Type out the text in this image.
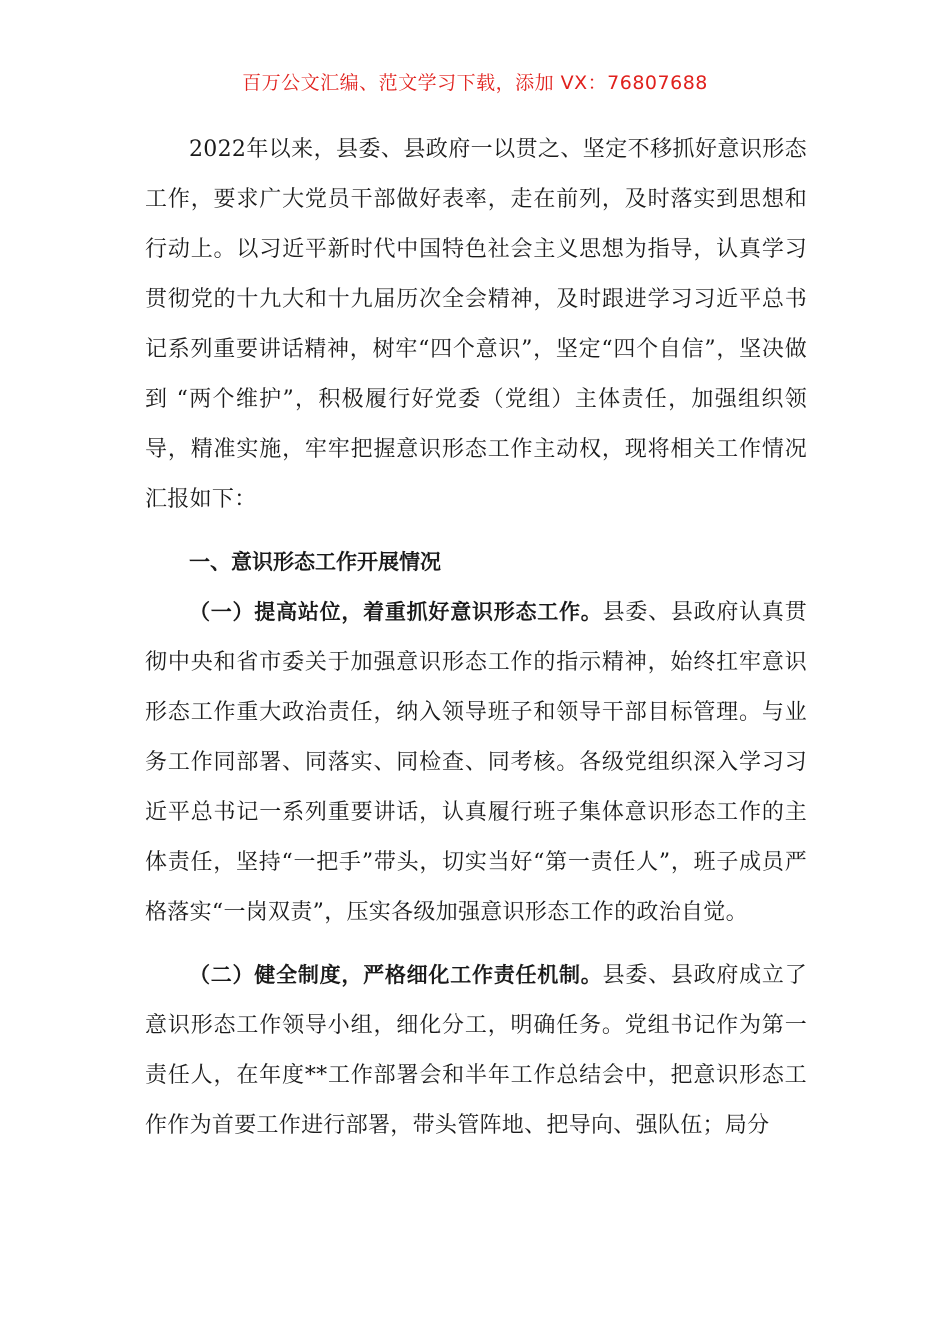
百万公文汇编、范文学习下载，添加 VX：76807688

2022年以来，县委、县政府一以贯之、坚定不移抓好意识形态工作，要求广大党员干部做好表率，走在前列，及时落实到思想和行动上。以习近平新时代中国特色社会主义思想为指导，认真学习贯彻党的十九大和十九届历次全会精神，及时跟进学习习近平总书记系列重要讲话精神，树牢“四个意识”，坚定“四个自信”，坚决做到 “两个维护”，积极履行好党委（党组）主体责任，加强组织领导，精准实施，牢牢把握意识形态工作主动权，现将相关工作情况汇报如下：

一、意识形态工作开展情况

（一）提高站位，着重抓好意识形态工作。县委、县政府认真贯彻中央和省市委关于加强意识形态工作的指示精神，始终扛牢意识形态工作重大政治责任，纳入领导班子和领导干部目标管理。与业务工作同部署、同落实、同检查、同考核。各级党组织深入学习习近平总书记一系列重要讲话，认真履行班子集体意识形态工作的主体责任，坚持“一把手”带头，切实当好“第一责任人”，班子成员严格落实“一岗双责”，压实各级加强意识形态工作的政治自觉。

（二）健全制度，严格细化工作责任机制。县委、县政府成立了意识形态工作领导小组，细化分工，明确任务。党组书记作为第一责任人，在年度**工作部署会和半年工作总结会中，把意识形态工作作为首要工作进行部署，带头管阵地、把导向、强队伍；局分
